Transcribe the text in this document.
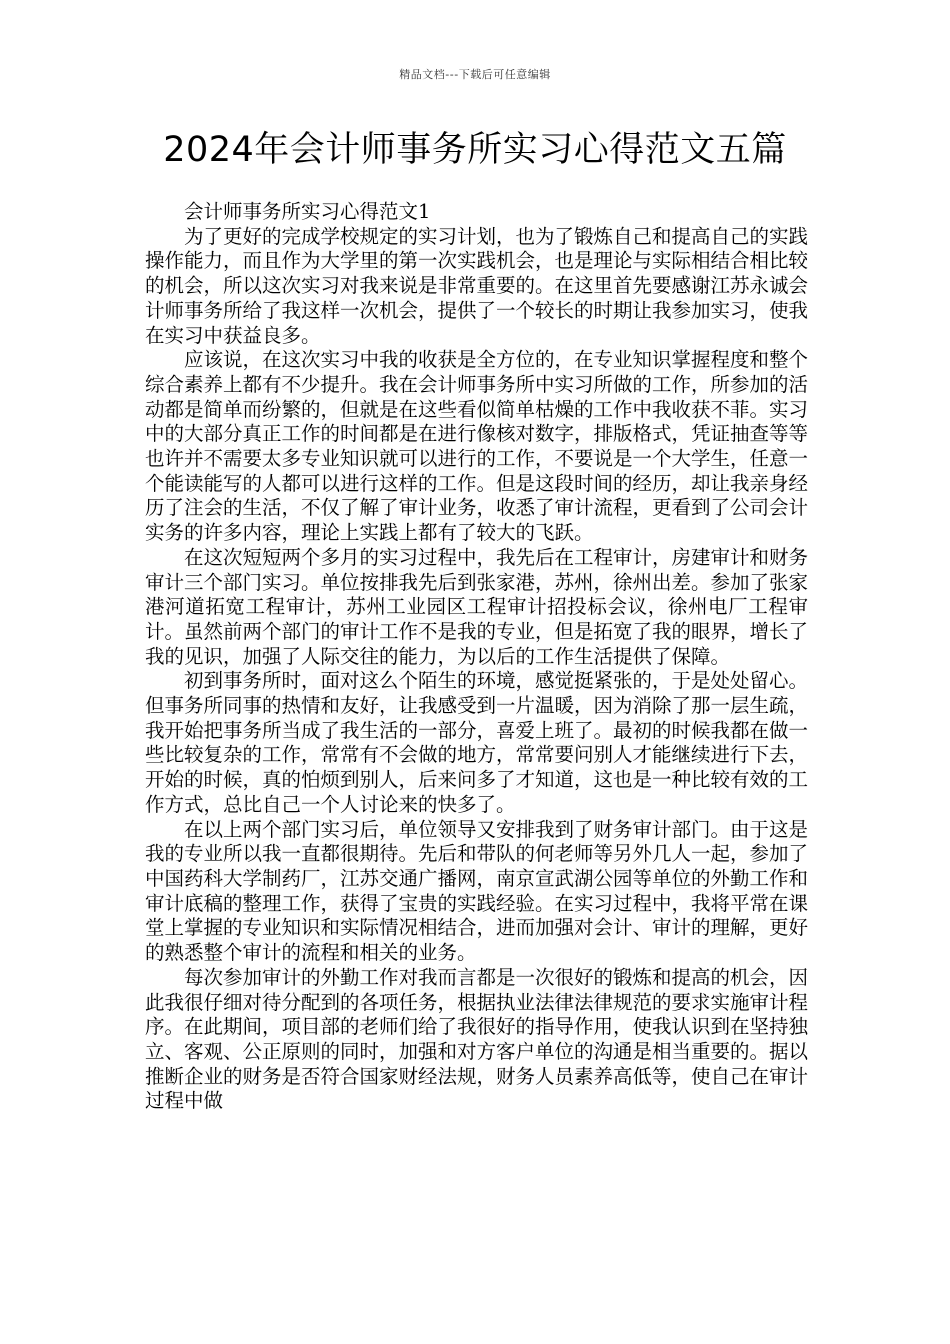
精品文档---下载后可任意编辑
2024年会计师事务所实习心得范文五篇

会计师事务所实习心得范文1

为了更好的完成学校规定的实习计划，也为了锻炼自己和提高自己的实践操作能力，而且作为大学里的第一次实践机会，也是理论与实际相结合相比较的机会，所以这次实习对我来说是非常重要的。在这里首先要感谢江苏永诚会计师事务所给了我这样一次机会，提供了一个较长的时期让我参加实习，使我在实习中获益良多。

应该说，在这次实习中我的收获是全方位的，在专业知识掌握程度和整个综合素养上都有不少提升。我在会计师事务所中实习所做的工作，所参加的活动都是简单而纷繁的，但就是在这些看似简单枯燥的工作中我收获不菲。实习中的大部分真正工作的时间都是在进行像核对数字，排版格式，凭证抽查等等也许并不需要太多专业知识就可以进行的工作，不要说是一个大学生，任意一个能读能写的人都可以进行这样的工作。但是这段时间的经历，却让我亲身经历了注会的生活，不仅了解了审计业务，收悉了审计流程，更看到了公司会计实务的许多内容，理论上实践上都有了较大的飞跃。

在这次短短两个多月的实习过程中，我先后在工程审计，房建审计和财务审计三个部门实习。单位按排我先后到张家港，苏州，徐州出差。参加了张家港河道拓宽工程审计，苏州工业园区工程审计招投标会议，徐州电厂工程审计。虽然前两个部门的审计工作不是我的专业，但是拓宽了我的眼界，增长了我的见识，加强了人际交往的能力，为以后的工作生活提供了保障。

初到事务所时，面对这么个陌生的环境，感觉挺紧张的，于是处处留心。但事务所同事的热情和友好，让我感受到一片温暖，因为消除了那一层生疏，我开始把事务所当成了我生活的一部分，喜爱上班了。最初的时候我都在做一些比较复杂的工作，常常有不会做的地方，常常要问别人才能继续进行下去，开始的时候，真的怕烦到别人，后来问多了才知道，这也是一种比较有效的工作方式，总比自己一个人讨论来的快多了。

在以上两个部门实习后，单位领导又安排我到了财务审计部门。由于这是我的专业所以我一直都很期待。先后和带队的何老师等另外几人一起，参加了中国药科大学制药厂，江苏交通广播网，南京宣武湖公园等单位的外勤工作和审计底稿的整理工作，获得了宝贵的实践经验。在实习过程中，我将平常在课堂上掌握的专业知识和实际情况相结合，进而加强对会计、审计的理解，更好的熟悉整个审计的流程和相关的业务。

每次参加审计的外勤工作对我而言都是一次很好的锻炼和提高的机会，因此我很仔细对待分配到的各项任务，根据执业法律法律规范的要求实施审计程序。在此期间，项目部的老师们给了我很好的指导作用，使我认识到在坚持独立、客观、公正原则的同时，加强和对方客户单位的沟通是相当重要的。据以推断企业的财务是否符合国家财经法规，财务人员素养高低等，使自己在审计过程中做
